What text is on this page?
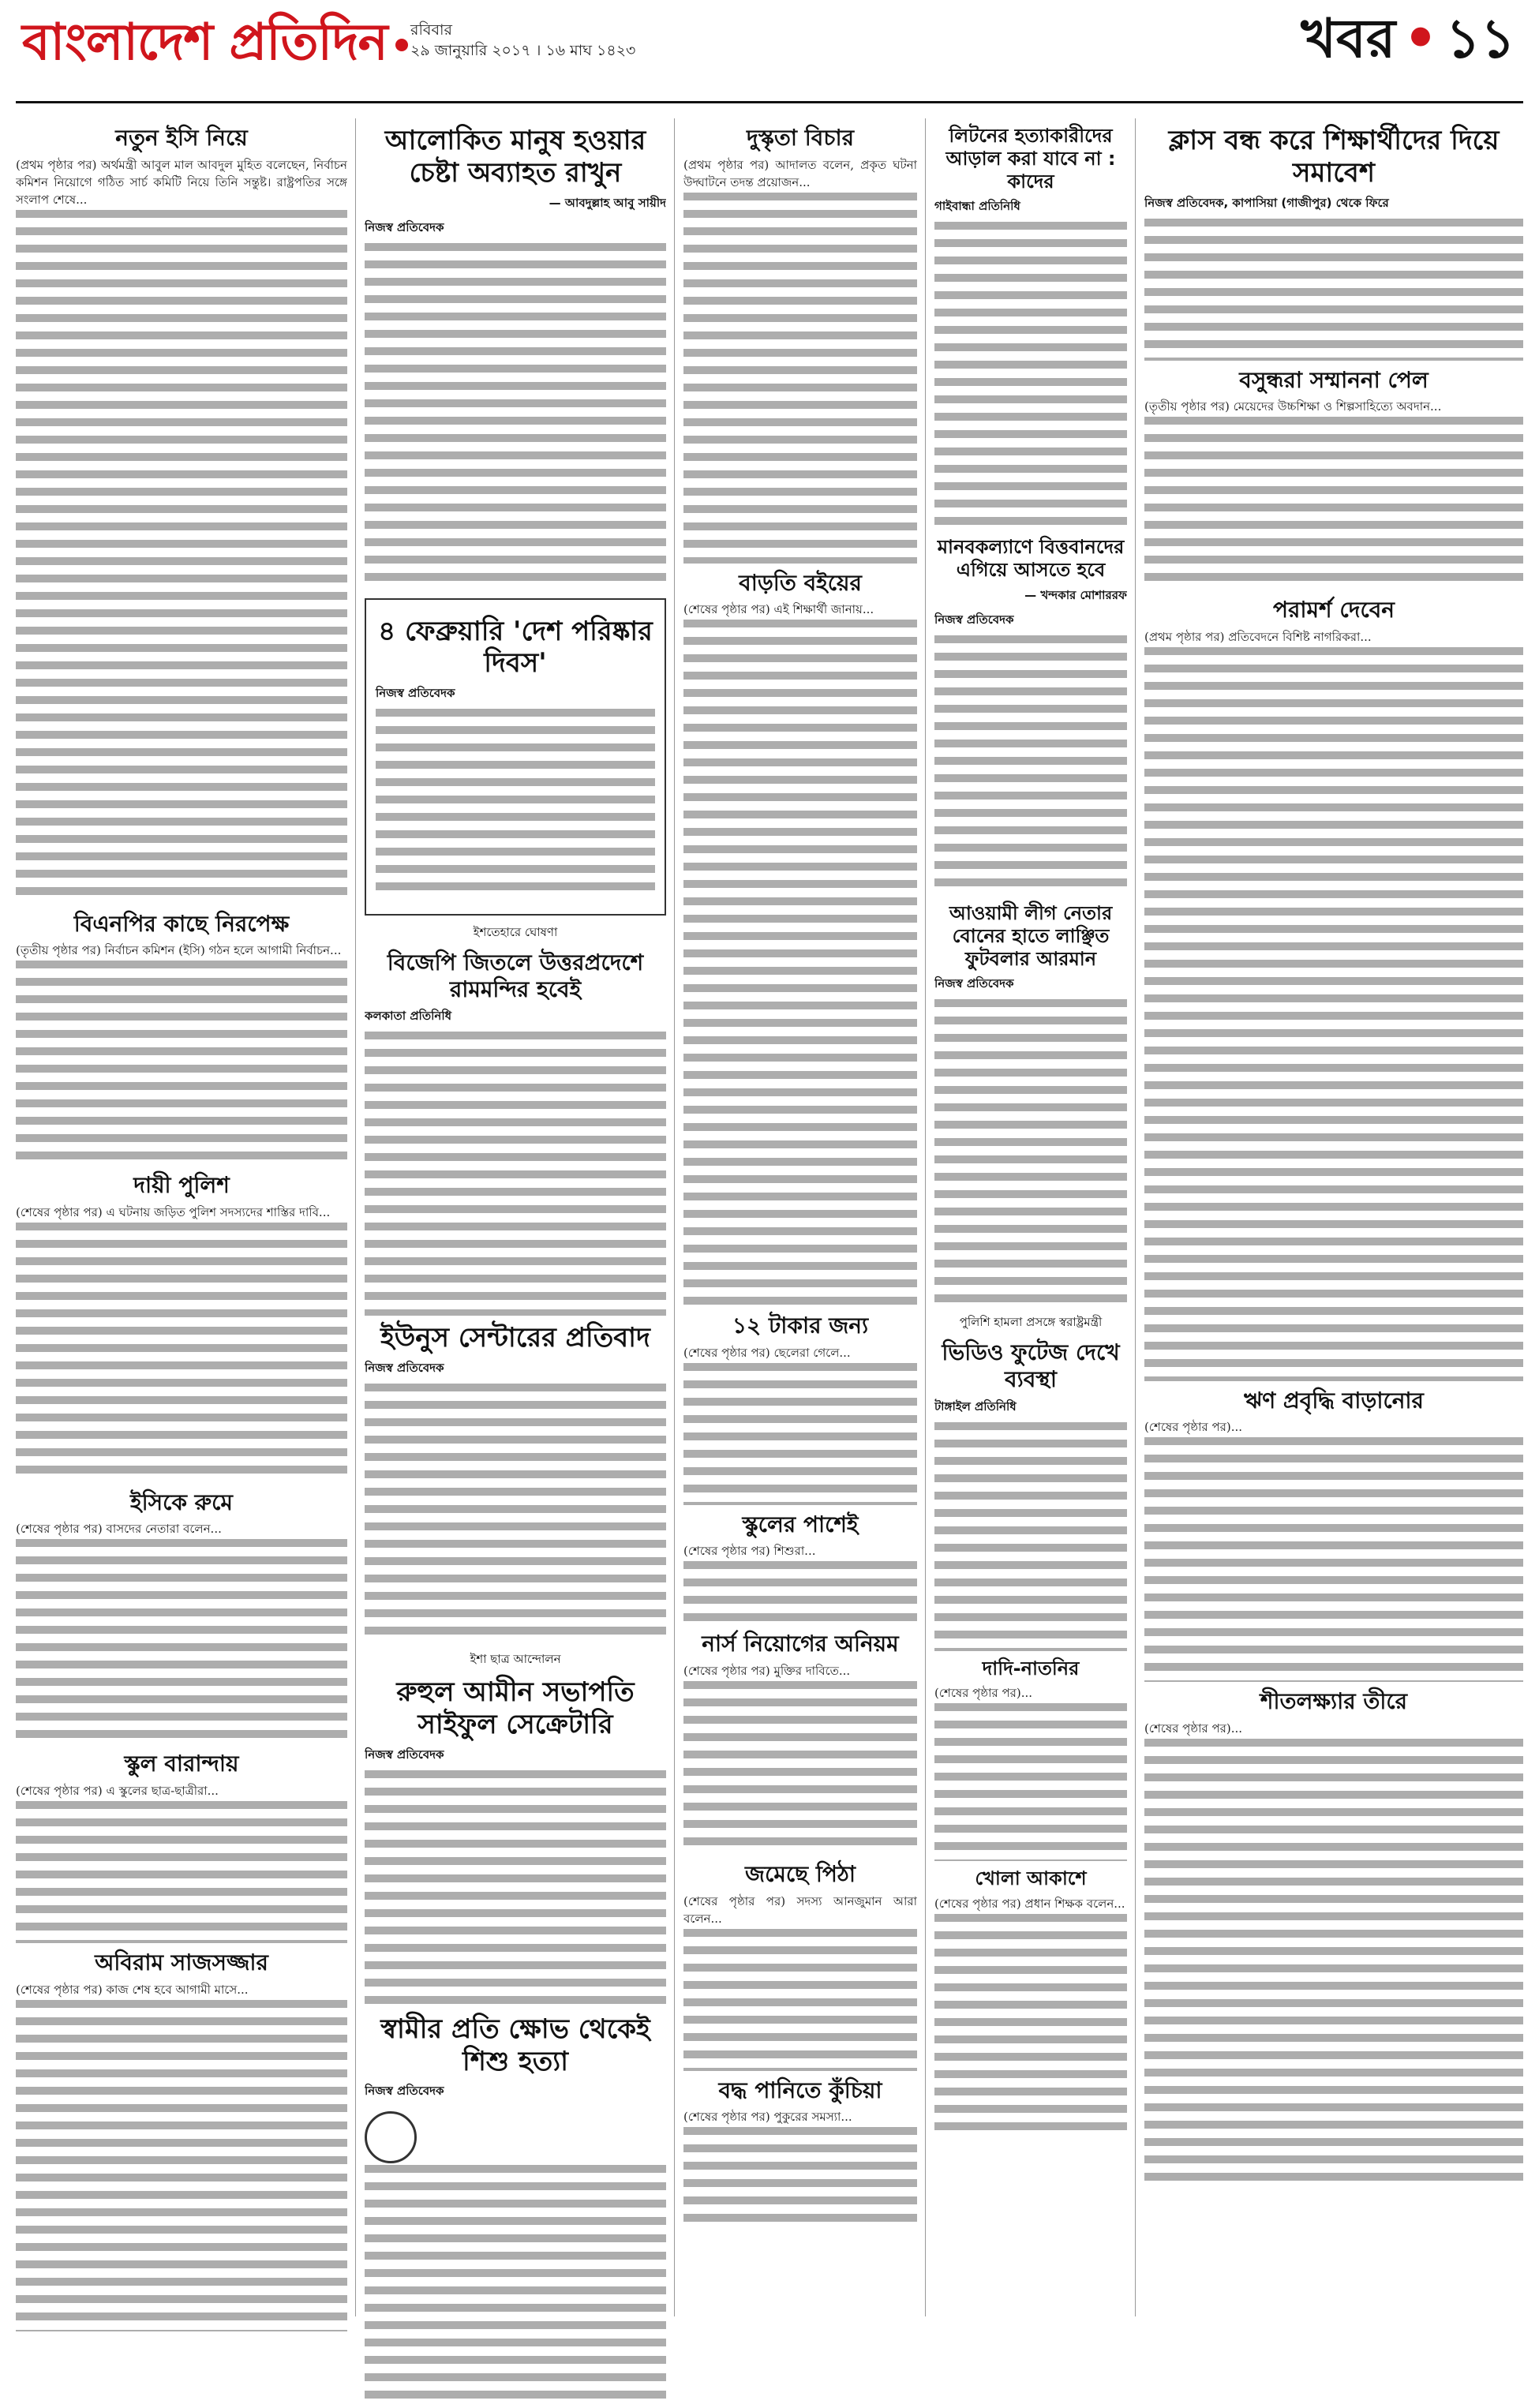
বাংলাদেশ প্রতিদিন	রবিবার
২৯ জানুয়ারি ২০১৭ । ১৬ মাঘ ১৪২৩	খবর • ১১
নতুন ইসি নিয়ে

(প্রথম পৃষ্ঠার পর) অর্থমন্ত্রী আবুল মাল আবদুল মুহিত বলেছেন, নির্বাচন কমিশন নিয়োগে গঠিত সার্চ কমিটি নিয়ে তিনি সন্তুষ্ট। রাষ্ট্রপতির সঙ্গে সংলাপ শেষে...

বিএনপির কাছে নিরপেক্ষ

(তৃতীয় পৃষ্ঠার পর) নির্বাচন কমিশন (ইসি) গঠন হলে আগামী নির্বাচন...

দায়ী পুলিশ

(শেষের পৃষ্ঠার পর) এ ঘটনায় জড়িত পুলিশ সদস্যদের শাস্তির দাবি...

ইসিকে রুমে

(শেষের পৃষ্ঠার পর) বাসদের নেতারা বলেন...

স্কুল বারান্দায়

(শেষের পৃষ্ঠার পর) এ স্কুলের ছাত্র-ছাত্রীরা...

অবিরাম সাজসজ্জার

(শেষের পৃষ্ঠার পর) কাজ শেষ হবে আগামী মাসে...

আলোকিত মানুষ হওয়ার চেষ্টা অব্যাহত রাখুন
— আবদুল্লাহ আবু সায়ীদ
নিজস্ব প্রতিবেদক
৪ ফেব্রুয়ারি 'দেশ পরিষ্কার দিবস'
নিজস্ব প্রতিবেদক
ইশতেহারে ঘোষণা
বিজেপি জিতলে উত্তরপ্রদেশে রামমন্দির হবেই
কলকাতা প্রতিনিধি
ইউনুস সেন্টারের প্রতিবাদ
নিজস্ব প্রতিবেদক
ইশা ছাত্র আন্দোলন
রুহুল আমীন সভাপতি সাইফুল সেক্রেটারি
নিজস্ব প্রতিবেদক
স্বামীর প্রতি ক্ষোভ থেকেই শিশু হত্যা
নিজস্ব প্রতিবেদক
দুস্কৃতা বিচার

(প্রথম পৃষ্ঠার পর) আদালত বলেন, প্রকৃত ঘটনা উদ্ঘাটনে তদন্ত প্রয়োজন...

বাড়তি বইয়ের

(শেষের পৃষ্ঠার পর) এই শিক্ষার্থী জানায়...

১২ টাকার জন্য

(শেষের পৃষ্ঠার পর) ছেলেরা গেলে...

স্কুলের পাশেই

(শেষের পৃষ্ঠার পর) শিশুরা...

নার্স নিয়োগের অনিয়ম

(শেষের পৃষ্ঠার পর) মুক্তির দাবিতে...

জমেছে পিঠা

(শেষের পৃষ্ঠার পর) সদস্য আনজুমান আরা বলেন...

বদ্ধ পানিতে কুঁচিয়া

(শেষের পৃষ্ঠার পর) পুকুরের সমস্যা...

লিটনের হত্যাকারীদের আড়াল করা যাবে না : কাদের
গাইবান্ধা প্রতিনিধি
মানবকল্যাণে বিত্তবানদের এগিয়ে আসতে হবে
— খন্দকার মোশাররফ
নিজস্ব প্রতিবেদক
আওয়ামী লীগ নেতার বোনের হাতে লাঞ্ছিত ফুটবলার আরমান
নিজস্ব প্রতিবেদক
পুলিশি হামলা প্রসঙ্গে স্বরাষ্ট্রমন্ত্রী
ভিডিও ফুটেজ দেখে ব্যবস্থা
টাঙ্গাইল প্রতিনিধি
দাদি-নাতনির

(শেষের পৃষ্ঠার পর)...

খোলা আকাশে

(শেষের পৃষ্ঠার পর) প্রধান শিক্ষক বলেন...

ক্লাস বন্ধ করে শিক্ষার্থীদের দিয়ে সমাবেশ
নিজস্ব প্রতিবেদক, কাপাসিয়া (গাজীপুর) থেকে ফিরে
বসুন্ধরা সম্মাননা পেল

(তৃতীয় পৃষ্ঠার পর) মেয়েদের উচ্চশিক্ষা ও শিল্পসাহিত্যে অবদান...

পরামর্শ দেবেন

(প্রথম পৃষ্ঠার পর) প্রতিবেদনে বিশিষ্ট নাগরিকরা...

ঋণ প্রবৃদ্ধি বাড়ানোর

(শেষের পৃষ্ঠার পর)...

শীতলক্ষ্যার তীরে

(শেষের পৃষ্ঠার পর)...
